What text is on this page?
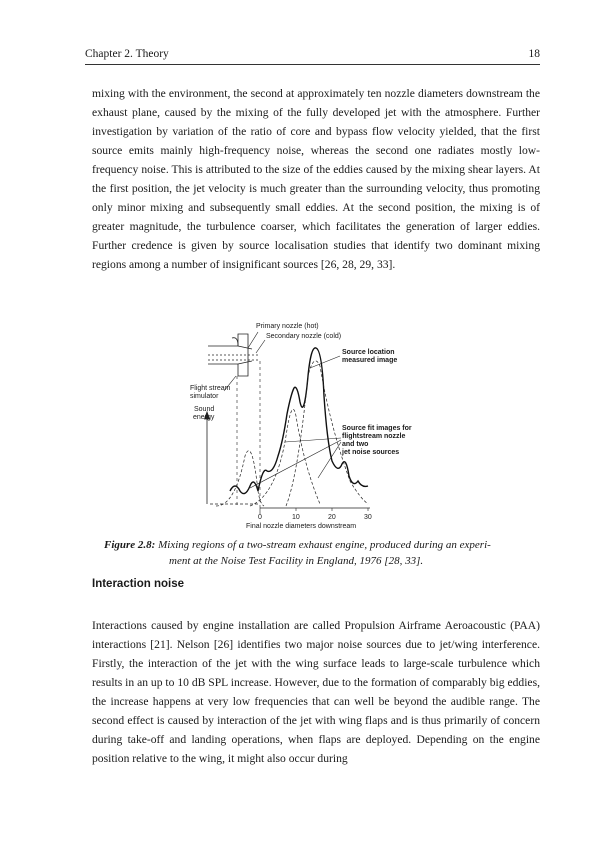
Chapter 2. Theory	18
mixing with the environment, the second at approximately ten nozzle diameters downstream the exhaust plane, caused by the mixing of the fully developed jet with the atmosphere. Further investigation by variation of the ratio of core and bypass flow velocity yielded, that the first source emits mainly high-frequency noise, whereas the second one radiates mostly low-frequency noise. This is attributed to the size of the eddies caused by the mixing shear layers. At the first position, the jet velocity is much greater than the surrounding velocity, thus promoting only minor mixing and subsequently small eddies. At the second position, the mixing is of greater magnitude, the turbulence coarser, which facilitates the generation of larger eddies. Further credence is given by source localisation studies that identify two dominant mixing regions among a number of insignificant sources [26, 28, 29, 33].
Primary nozzle (hot)
Secondary nozzle (cold)
Source location
measured image
Flight stream
simulator
Sound
energy
Source fit images for
flightstream nozzle
and two
jet noise sources
0	10	20	30
Final nozzle diameters downstream
Figure 2.8: Mixing regions of a two-stream exhaust engine, produced during an experi-
ment at the Noise Test Facility in England, 1976 [28, 33].
Interaction noise
Interactions caused by engine installation are called Propulsion Airframe Aeroacoustic (PAA) interactions [21]. Nelson [26] identifies two major noise sources due to jet/wing interference. Firstly, the interaction of the jet with the wing surface leads to large-scale turbulence which results in an up to 10 dB SPL increase. However, due to the formation of comparably big eddies, the increase happens at very low frequencies that can well be beyond the audible range. The second effect is caused by interaction of the jet with wing flaps and is thus primarily of concern during take-off and landing operations, when flaps are deployed. Depending on the engine position relative to the wing, it might also occur during
